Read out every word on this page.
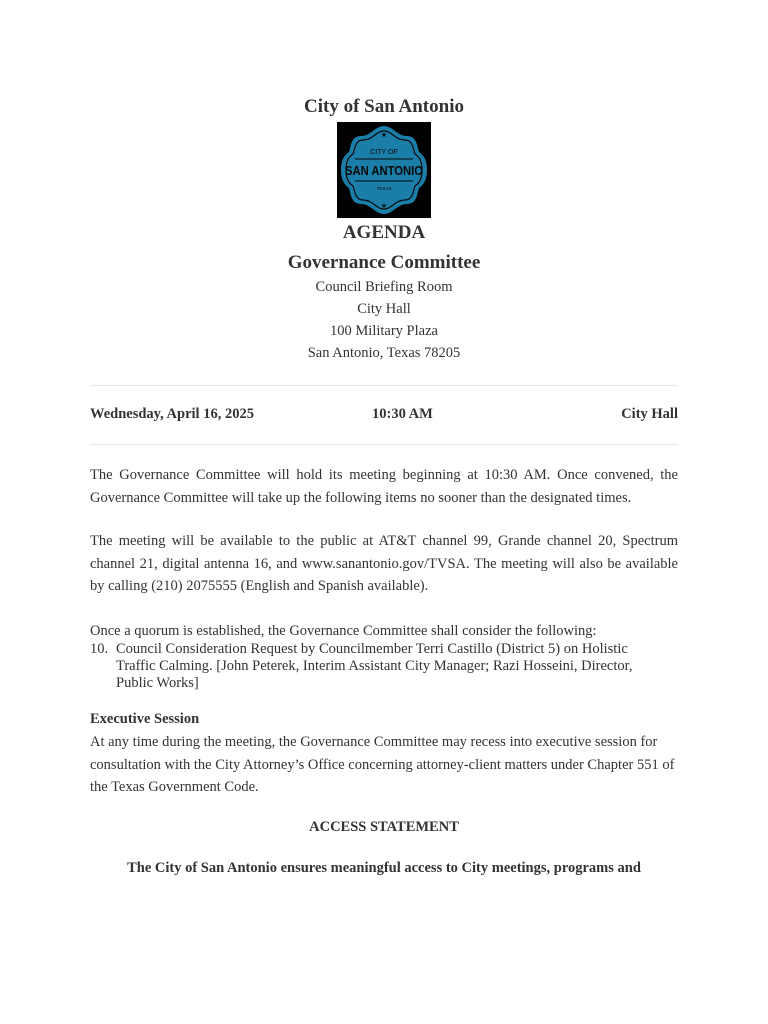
City of San Antonio
★
CITY OF
SAN ANTONIO
TEXAS
★
AGENDA
Governance Committee
Council Briefing Room
City Hall
100 Military Plaza
San Antonio, Texas 78205
Wednesday, April 16, 2025	10:30 AM	City Hall
The Governance Committee will hold its meeting beginning at 10:30 AM. Once convened, the Governance Committee will take up the following items no sooner than the designated times.
The meeting will be available to the public at AT&T channel 99, Grande channel 20, Spectrum channel 21, digital antenna 16, and www.sanantonio.gov/TVSA. The meeting will also be available by calling (210) 2075555 (English and Spanish available).
Once a quorum is established, the Governance Committee shall consider the following:
10. Council Consideration Request by Councilmember Terri Castillo (District 5) on Holistic Traffic Calming. [John Peterek, Interim Assistant City Manager; Razi Hosseini, Director, Public Works]
Executive Session
At any time during the meeting, the Governance Committee may recess into executive session for consultation with the City Attorney’s Office concerning attorney-client matters under Chapter 551 of the Texas Government Code.
ACCESS STATEMENT
The City of San Antonio ensures meaningful access to City meetings, programs and
